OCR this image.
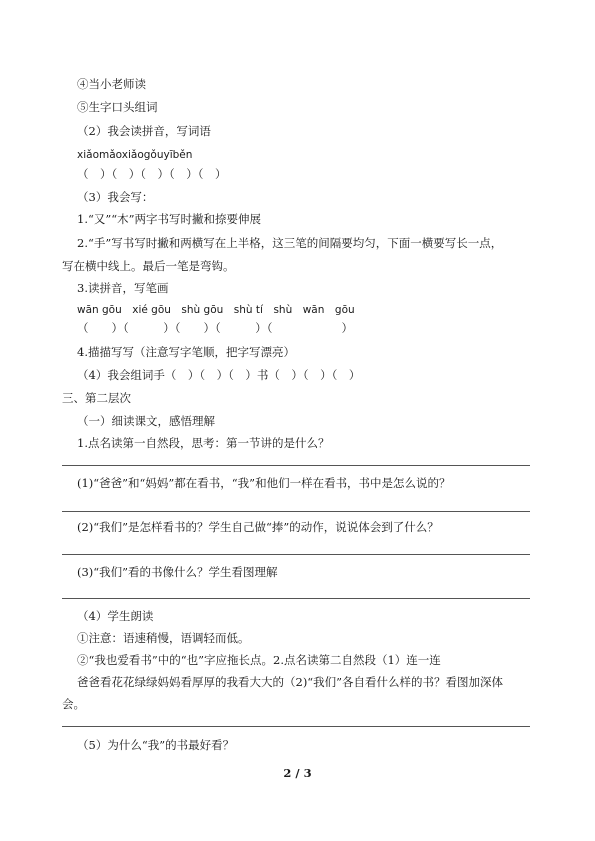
④当小老师读
⑤生字口头组词
（2）我会读拼音，写词语
xiǎomǎoxiǎogǒuyīběn
（　）（　）（　）（　）（　）
（3）我会写：
1.“又”“木”两字书写时撇和捺要伸展
2.“手”写书写时撇和两横写在上半格，这三笔的间隔要均匀，下面一横要写长一点，
写在横中线上。最后一笔是弯钩。
3.读拼音，写笔画
wān gōu　xié gōu　shù gōu　shù tí　shù　wān　gōu
（　　）（　　　）（　　）（　　　）（　　　　　　）
4.描描写写（注意写字笔顺，把字写漂亮）
（4）我会组词手（　）（　）（　）书（　）（　）（　）
三、第二层次
（一）细读课文，感悟理解
1.点名读第一自然段，思考：第一节讲的是什么？
(1)“爸爸”和“妈妈”都在看书，“我”和他们一样在看书，书中是怎么说的？
(2)“我们”是怎样看书的？学生自己做“捧”的动作，说说体会到了什么？
(3)“我们”看的书像什么？学生看图理解
（4）学生朗读
①注意：语速稍慢，语调轻而低。
②“我也爱看书”中的“也”字应拖长点。2.点名读第二自然段（1）连一连
爸爸看花花绿绿妈妈看厚厚的我看大大的（2)“我们”各自看什么样的书？看图加深体
会。
（5）为什么“我”的书最好看？
2 / 3
